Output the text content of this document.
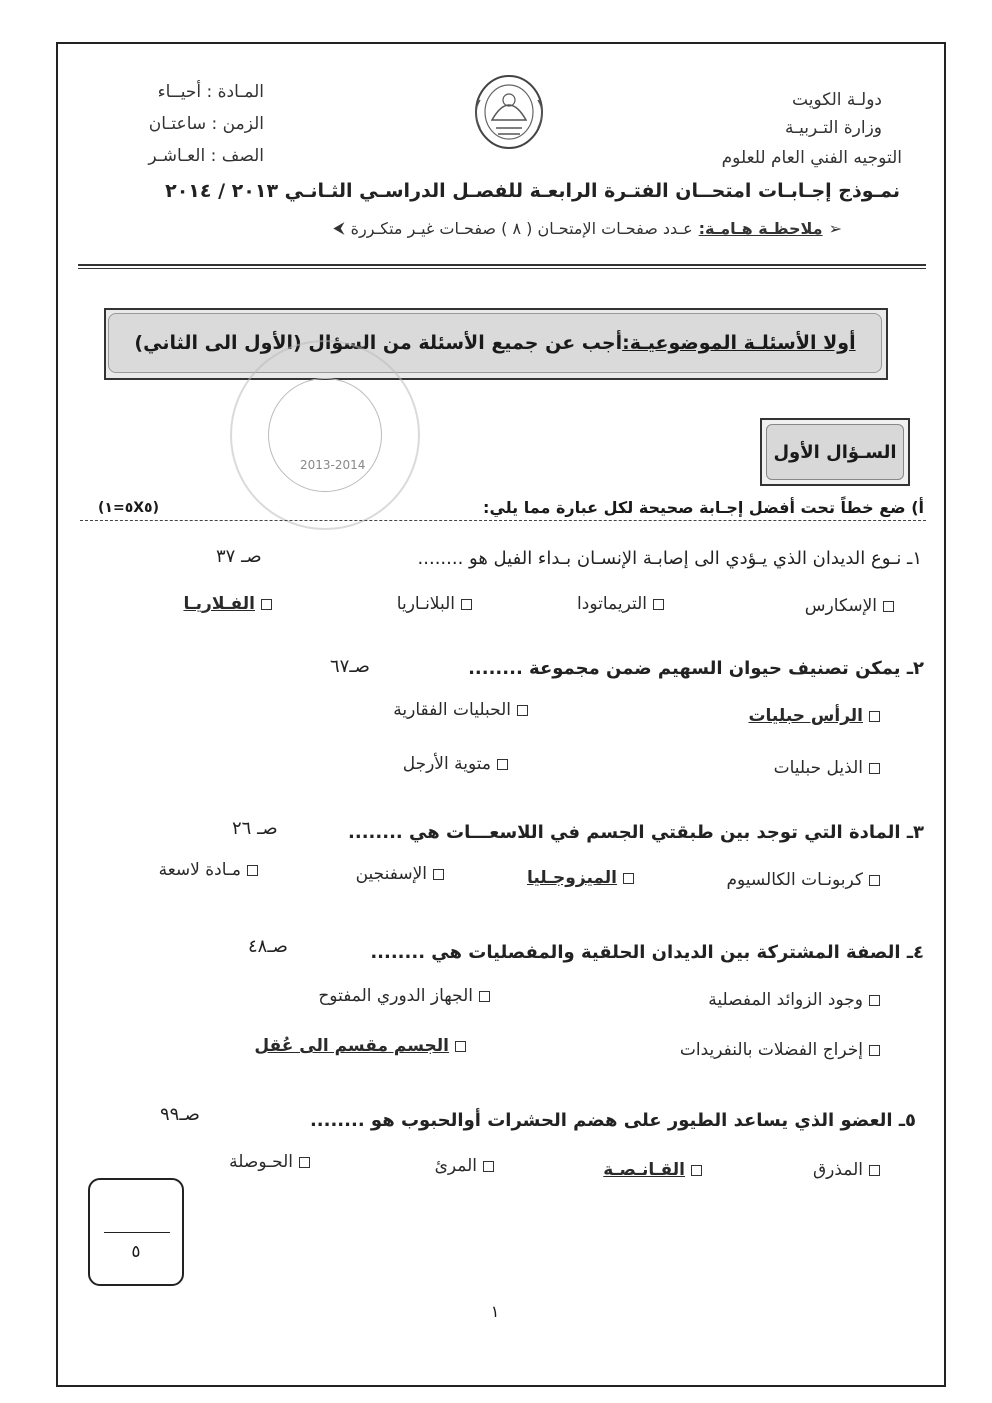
دولـة الكويت
وزارة التـربيـة
التوجيه الفني العام للعلوم
المـادة : أحيــاء
الزمن : ساعتـان
الصف : العـاشـر
نمـوذج إجـابـات امتحــان الفتـرة الرابعـة للفصـل الدراسـي الثـانـي ٢٠١٣ / ٢٠١٤
➢
ملاحظـة هـامـة:
عـدد صفحـات الإمتحـان ( ٨ ) صفحـات غيـر متكـررة
⮜
أولا الأسئلـة الموضوعيـة:
أجب عن جميع الأسئلة من السؤال (الأول الى الثاني)
2013-2014
السـؤال الأول
أ) ضع خطاً تحت أفضل إجـابة صحيحة لكل عبارة مما يلي:
(٥=١X٥)
١ـ نـوع الديدان الذي يـؤدي الى إصابـة الإنسـان بـداء الفيل هو ........
صـ ٣٧
الإسكارس
التريماتودا
البلانـاريا
الفـلاريـا
٢ـ يمكن تصنيف حيوان السهيم ضمن مجموعة ........
صـ٦٧
الرأس حبليات
الحبليات الفقارية
الذيل حبليات
متوية الأرجل
٣ـ المادة التي توجد بين طبقتي الجسم في اللاسعـــات هي ........
صـ ٢٦
كربونـات الكالسيوم
الميزوجـليا
الإسفنجين
مـادة لاسعة
٤ـ الصفة المشتركة بين الديدان الحلقية والمفصليات هي ........
صـ٤٨
وجود الزوائد المفصلية
الجهاز الدوري المفتوح
إخراج الفضلات بالنفريدات
الجسم مقسم الى عُقل
٥ـ العضو الذي يساعد الطيور على هضم الحشرات أوالحبوب هو ........
صـ٩٩
المذرق
القـانـصـة
المرئ
الحـوصلة
٥
١
